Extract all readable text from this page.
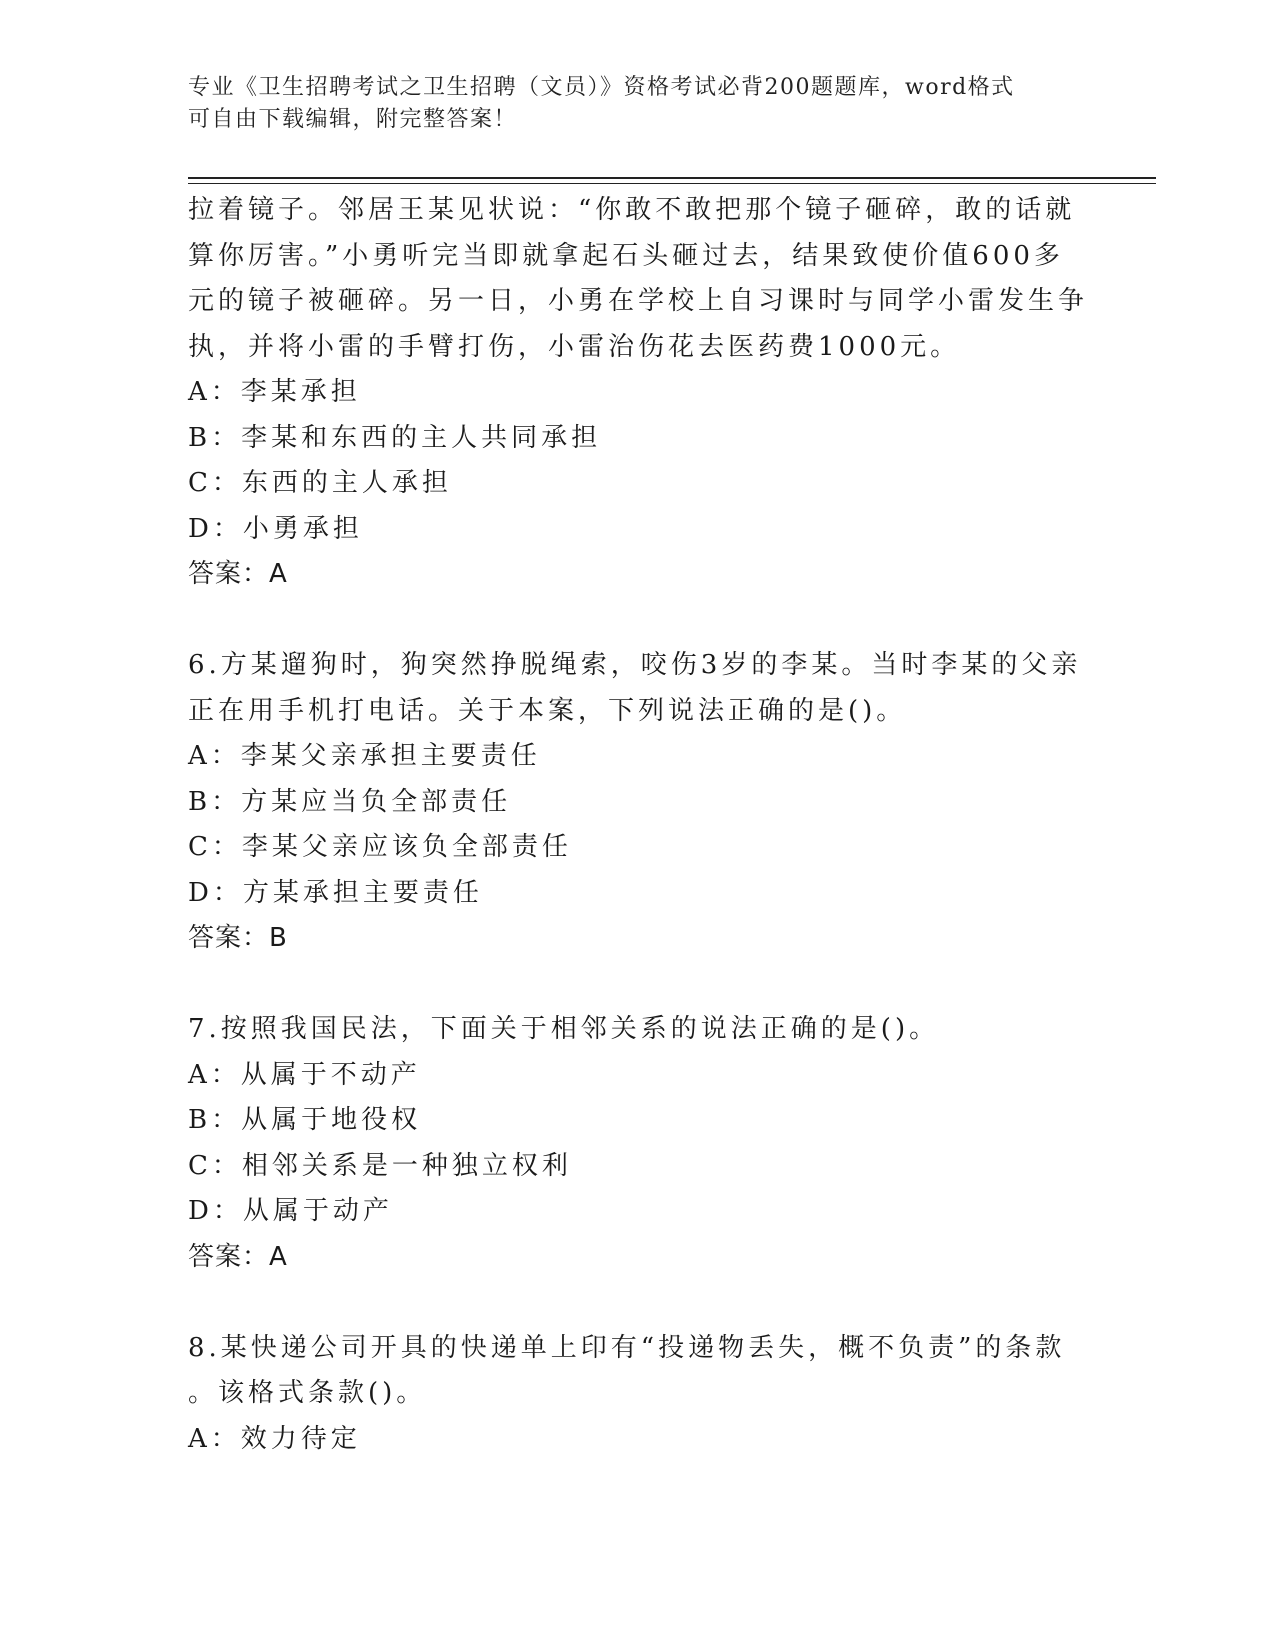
专业《卫生招聘考试之卫生招聘（文员）》资格考试必背200题题库，word格式
可自由下载编辑，附完整答案！
拉着镜子。邻居王某见状说：“你敢不敢把那个镜子砸碎，敢的话就
算你厉害。”小勇听完当即就拿起石头砸过去，结果致使价值600多
元的镜子被砸碎。另一日，小勇在学校上自习课时与同学小雷发生争
执，并将小雷的手臂打伤，小雷治伤花去医药费1000元。
A：李某承担
B：李某和东西的主人共同承担
C：东西的主人承担
D：小勇承担
答案：A
6.方某遛狗时，狗突然挣脱绳索，咬伤3岁的李某。当时李某的父亲
正在用手机打电话。关于本案，下列说法正确的是()。
A：李某父亲承担主要责任
B：方某应当负全部责任
C：李某父亲应该负全部责任
D：方某承担主要责任
答案：B
7.按照我国民法，下面关于相邻关系的说法正确的是()。
A：从属于不动产
B：从属于地役权
C：相邻关系是一种独立权利
D：从属于动产
答案：A
8.某快递公司开具的快递单上印有“投递物丢失，概不负责”的条款
。该格式条款()。
A：效力待定
